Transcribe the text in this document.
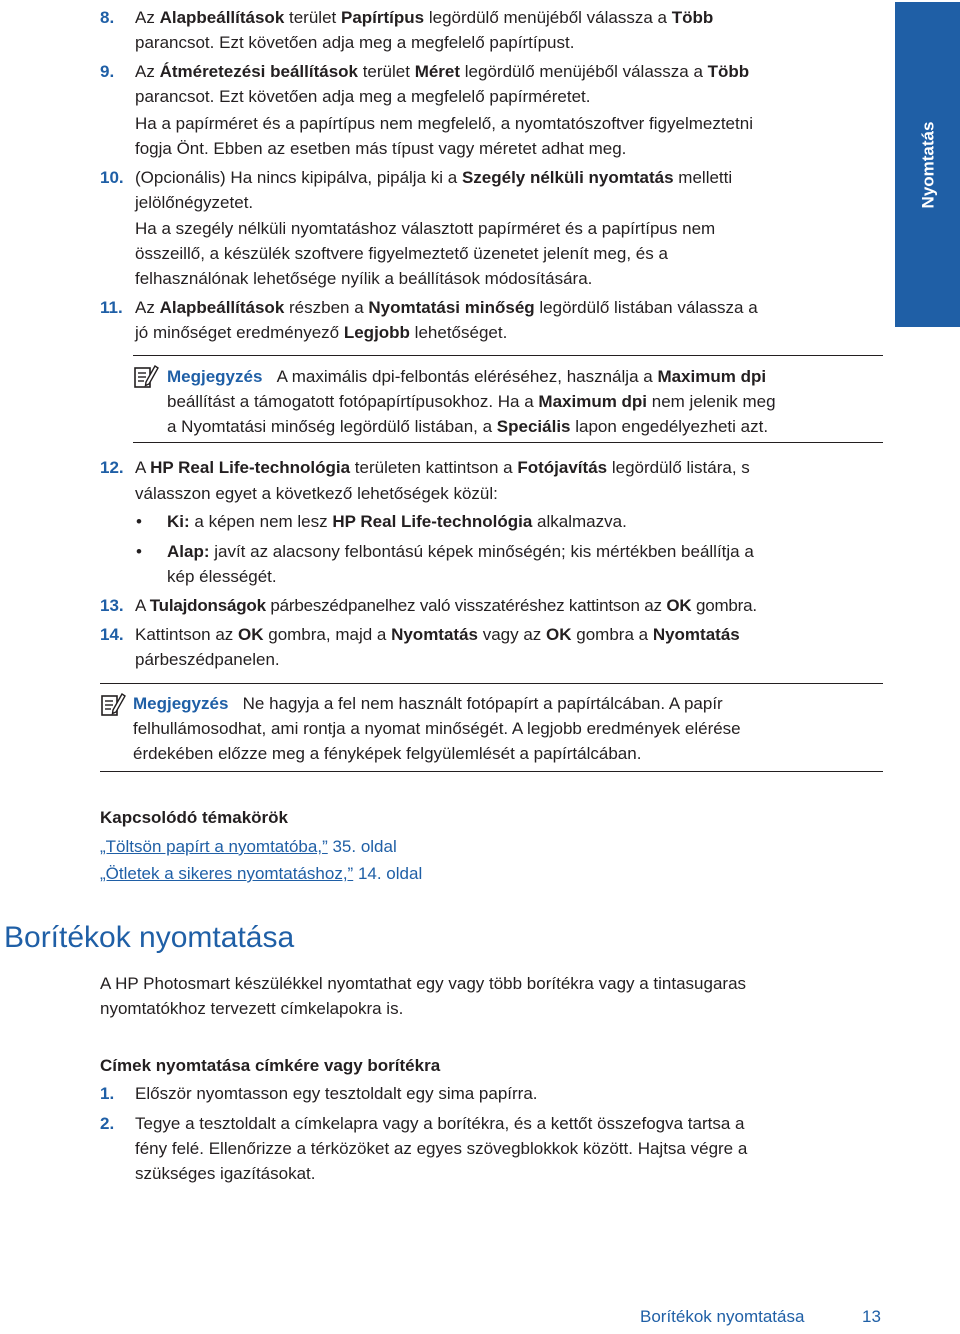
Nyomtatás
8. Az Alapbeállítások terület Papírtípus legördülő menüjéből válassza a Több
parancsot. Ezt követően adja meg a megfelelő papírtípust.
9. Az Átméretezési beállítások terület Méret legördülő menüjéből válassza a Több
parancsot. Ezt követően adja meg a megfelelő papírméretet.
Ha a papírméret és a papírtípus nem megfelelő, a nyomtatószoftver figyelmeztetni
fogja Önt. Ebben az esetben más típust vagy méretet adhat meg.
10. (Opcionális) Ha nincs kipipálva, pipálja ki a Szegély nélküli nyomtatás melletti
jelölőnégyzetet.
Ha a szegély nélküli nyomtatáshoz választott papírméret és a papírtípus nem
összeillő, a készülék szoftvere figyelmeztető üzenetet jelenít meg, és a
felhasználónak lehetősége nyílik a beállítások módosítására.
11. Az Alapbeállítások részben a Nyomtatási minőség legördülő listában válassza a
jó minőséget eredményező Legjobb lehetőséget.
Megjegyzés A maximális dpi-felbontás eléréséhez, használja a Maximum dpi
beállítást a támogatott fotópapírtípusokhoz. Ha a Maximum dpi nem jelenik meg
a Nyomtatási minőség legördülő listában, a Speciális lapon engedélyezheti azt.
12. A HP Real Life-technológia területen kattintson a Fotójavítás legördülő listára, s
válasszon egyet a következő lehetőségek közül:
• Ki: a képen nem lesz HP Real Life-technológia alkalmazva.
• Alap: javít az alacsony felbontású képek minőségén; kis mértékben beállítja a
kép élességét.
13. A Tulajdonságok párbeszédpanelhez való visszatéréshez kattintson az OK gombra.
14. Kattintson az OK gombra, majd a Nyomtatás vagy az OK gombra a Nyomtatás
párbeszédpanelen.
Megjegyzés Ne hagyja a fel nem használt fotópapírt a papírtálcában. A papír
felhullámosodhat, ami rontja a nyomat minőségét. A legjobb eredmények elérése
érdekében előzze meg a fényképek felgyülemlését a papírtálcában.
Kapcsolódó témakörök
„Töltsön papírt a nyomtatóba,” 35. oldal
„Ötletek a sikeres nyomtatáshoz,” 14. oldal
Borítékok nyomtatása
A HP Photosmart készülékkel nyomtathat egy vagy több borítékra vagy a tintasugaras
nyomtatókhoz tervezett címkelapokra is.
Címek nyomtatása címkére vagy borítékra
1. Először nyomtasson egy tesztoldalt egy sima papírra.
2. Tegye a tesztoldalt a címkelapra vagy a borítékra, és a kettőt összefogva tartsa a
fény felé. Ellenőrizze a térközöket az egyes szövegblokkok között. Hajtsa végre a
szükséges igazításokat.
Borítékok nyomtatása	13
